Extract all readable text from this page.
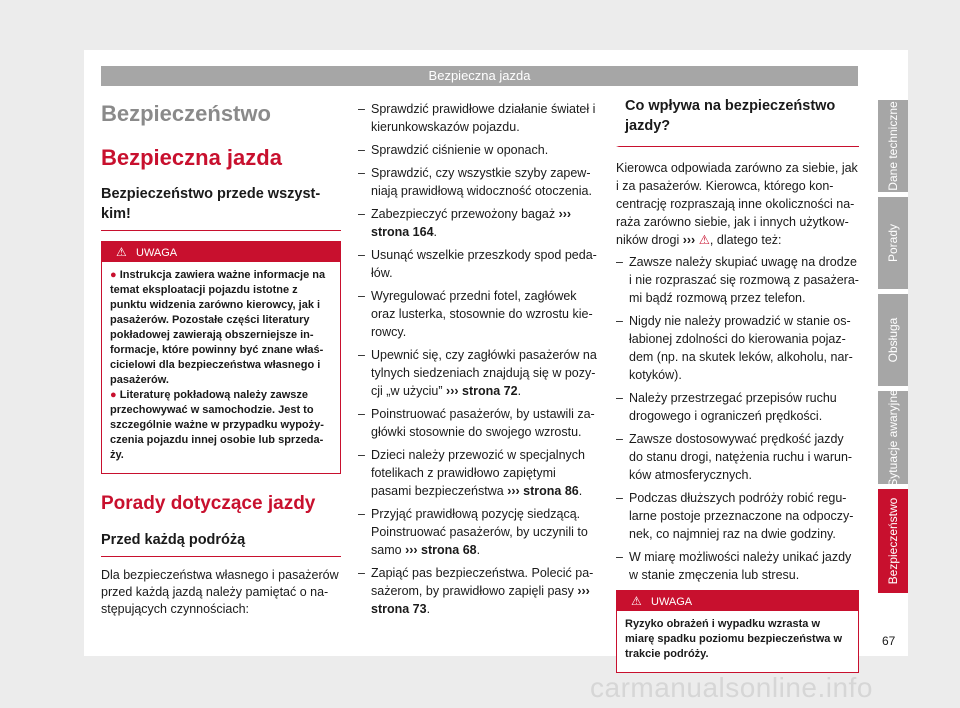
Bezpieczna jazda
Bezpieczeństwo
Bezpieczna jazda
Bezpieczeństwo przede wszyst-kim!
⚠ UWAGA

● Instrukcja zawiera ważne informacje na temat eksploatacji pojazdu istotne z punktu widzenia zarówno kierowcy, jak i pasażerów. Pozostałe części literatury pokładowej zawierają obszerniejsze in-formacje, które powinny być znane właś-cicielowi dla bezpieczeństwa własnego i pasażerów.

● Literaturę pokładową należy zawsze przechowywać w samochodzie. Jest to szczególnie ważne w przypadku wypoży-czenia pojazdu innej osobie lub sprzeda-ży.

Porady dotyczące jazdy
Przed każdą podróżą
Dla bezpieczeństwa własnego i pasażerów przed każdą jazdą należy pamiętać o na-stępujących czynnościach:
– Sprawdzić prawidłowe działanie świateł i kierunkowskazów pojazdu.
– Sprawdzić ciśnienie w oponach.
– Sprawdzić, czy wszystkie szyby zapew-niają prawidłową widoczność otoczenia.
– Zabezpieczyć przewożony bagaż ››› strona 164.
– Usunąć wszelkie przeszkody spod peda-łów.
– Wyregulować przedni fotel, zagłówek oraz lusterka, stosownie do wzrostu kie-rowcy.
– Upewnić się, czy zagłówki pasażerów na tylnych siedzeniach znajdują się w pozy-cji „w użyciu” ››› strona 72.
– Poinstruować pasażerów, by ustawili za-główki stosownie do swojego wzrostu.
– Dzieci należy przewozić w specjalnych fotelikach z prawidłowo zapiętymi pasami bezpieczeństwa ››› strona 86.
– Przyjąć prawidłową pozycję siedzącą. Poinstruować pasażerów, by uczynili to samo ››› strona 68.
– Zapiąć pas bezpieczeństwa. Polecić pa-sażerom, by prawidłowo zapięli pasy ››› strona 73.
Co wpływa na bezpieczeństwo jazdy?
Kierowca odpowiada zarówno za siebie, jak i za pasażerów. Kierowca, którego kon-centrację rozpraszają inne okoliczności na-raża zarówno siebie, jak i innych użytkow-ników drogi ››› ⚠, dlatego też:
– Zawsze należy skupiać uwagę na drodze i nie rozpraszać się rozmową z pasażera-mi bądź rozmową przez telefon.
– Nigdy nie należy prowadzić w stanie os-łabionej zdolności do kierowania pojaz-dem (np. na skutek leków, alkoholu, nar-kotyków).
– Należy przestrzegać przepisów ruchu drogowego i ograniczeń prędkości.
– Zawsze dostosowywać prędkość jazdy do stanu drogi, natężenia ruchu i warun-ków atmosferycznych.
– Podczas dłuższych podróży robić regu-larne postoje przeznaczone na odpoczy-nek, co najmniej raz na dwie godziny.
– W miarę możliwości należy unikać jazdy w stanie zmęczenia lub stresu.
⚠ UWAGA
Ryzyko obrażeń i wypadku wzrasta w miarę spadku poziomu bezpieczeństwa w trakcie podróży.
Dane techniczne
Porady
Obsługa
Sytuacje awaryjne
Bezpieczeństwo
67
carmanualsonline.info
